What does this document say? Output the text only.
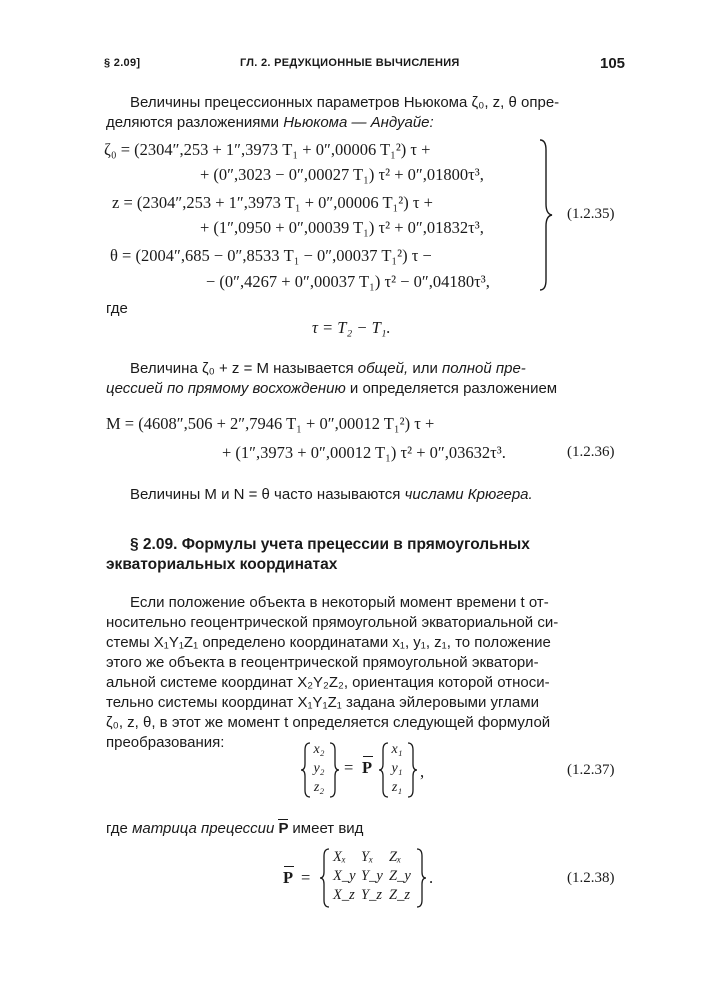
§ 2.09]	ГЛ. 2. РЕДУКЦИОННЫЕ ВЫЧИСЛЕНИЯ	105
Величины прецессионных параметров Ньюкома ζ₀, z, θ опре-
деляются разложениями Ньюкома — Андуайе:
ζ₀ = (2304″,253 + 1″,3973 T₁ + 0″,00006 T₁²) τ +
+ (0″,3023 − 0″,00027 T₁) τ² + 0″,01800τ³,
z = (2304″,253 + 1″,3973 T₁ + 0″,00006 T₁²) τ +
+ (1″,0950 + 0″,00039 T₁) τ² + 0″,01832τ³,
θ = (2004″,685 − 0″,8533 T₁ − 0″,00037 T₁²) τ −
− (0″,4267 + 0″,00037 T₁) τ² − 0″,04180τ³,
(1.2.35)
где
τ = T₂ − T₁.
Величина ζ₀ + z = M называется общей, или полной пре-
цессией по прямому восхождению и определяется разложением
M = (4608″,506 + 2″,7946 T₁ + 0″,00012 T₁²) τ +
+ (1″,3973 + 0″,00012 T₁) τ² + 0″,03632τ³.	(1.2.36)
Величины M и N = θ часто называются числами Крюгера.
§ 2.09. Формулы учета прецессии в прямоугольных
экваториальных координатах
Если положение объекта в некоторый момент времени t от-
носительно геоцентрической прямоугольной экваториальной си-
стемы X₁Y₁Z₁ определено координатами x₁, y₁, z₁, то положение
этого же объекта в геоцентрической прямоугольной экватори-
альной системе координат X₂Y₂Z₂, ориентация которой относи-
тельно системы координат X₁Y₁Z₁ задана эйлеровыми углами
ζ₀, z, θ, в этот же момент t определяется следующей формулой
преобразования:	x₂
y₂
z₂
= P
x₁
y₁
z₁
,	(1.2.37)
где матрица прецессии
P имеет вид
P =
Xₓ Yₓ Zₓ
X_y Y_y Z_y
X_z Y_z Z_z
.	(1.2.38)
